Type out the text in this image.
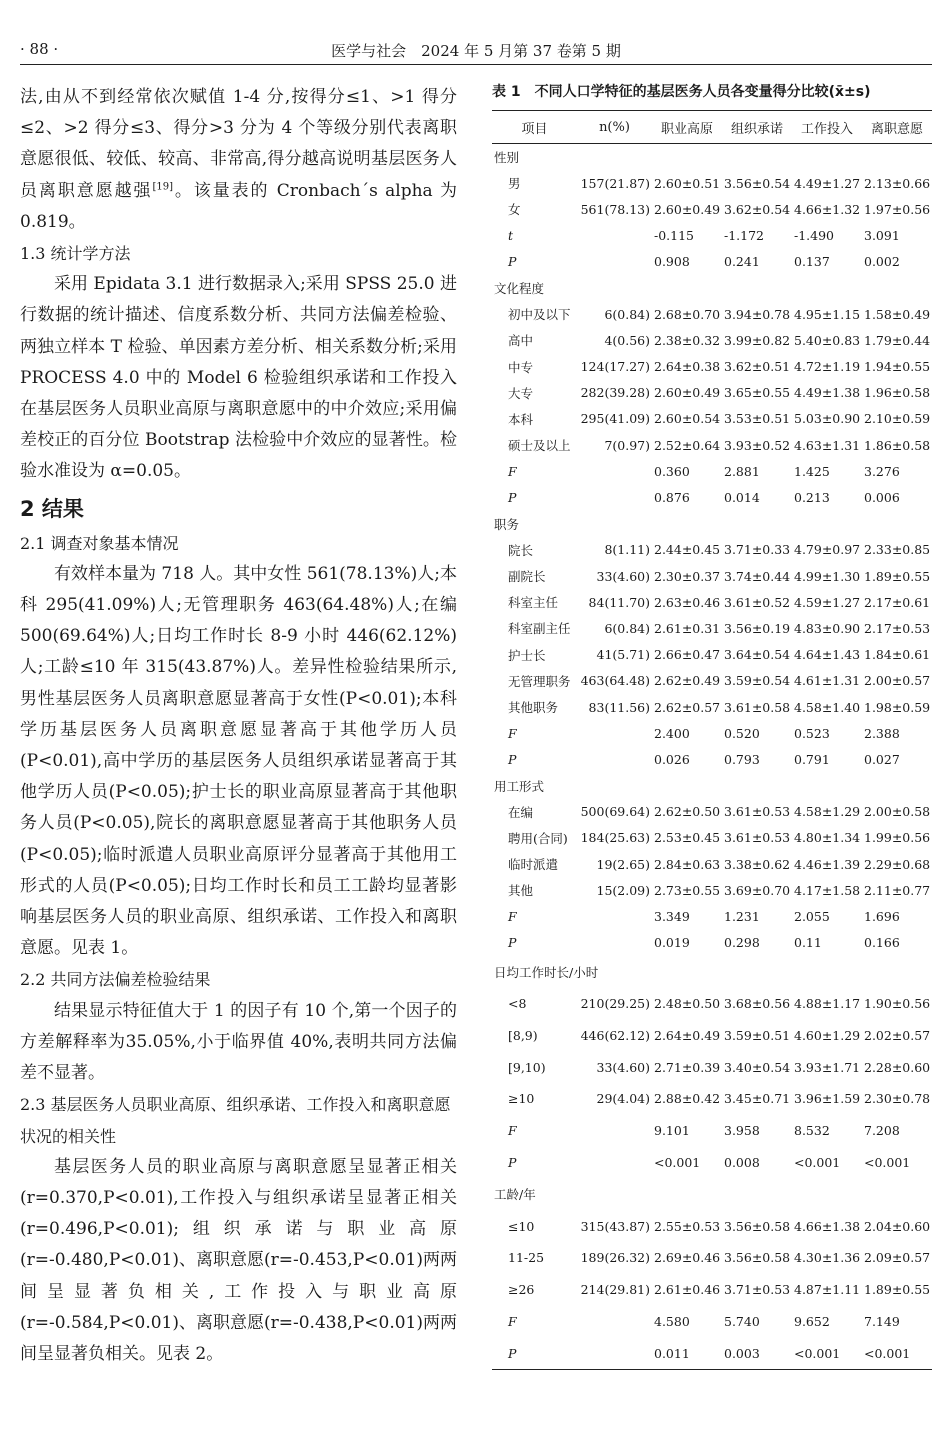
· 88 ·	医学与社会　2024 年 5 月第 37 卷第 5 期

法,由从不到经常依次赋值 1-4 分,按得分≤1、>1 得分≤2、>2 得分≤3、得分>3 分为 4 个等级分别代表离职意愿很低、较低、较高、非常高,得分越高说明基层医务人员离职意愿越强[19]。该量表的 Cronbach´s alpha 为 0.819。

1.3 统计学方法

采用 Epidata 3.1 进行数据录入;采用 SPSS 25.0 进行数据的统计描述、信度系数分析、共同方法偏差检验、两独立样本 T 检验、单因素方差分析、相关系数分析;采用 PROCESS 4.0 中的 Model 6 检验组织承诺和工作投入在基层医务人员职业高原与离职意愿中的中介效应;采用偏差校正的百分位 Bootstrap 法检验中介效应的显著性。检验水准设为 α=0.05。

2 结果
2.1 调查对象基本情况

有效样本量为 718 人。其中女性 561(78.13%)人;本科 295(41.09%)人;无管理职务 463(64.48%)人;在编 500(69.64%)人;日均工作时长 8-9 小时 446(62.12%)人;工龄≤10 年 315(43.87%)人。差异性检验结果所示,男性基层医务人员离职意愿显著高于女性(P<0.01);本科学历基层医务人员离职意愿显著高于其他学历人员(P<0.01),高中学历的基层医务人员组织承诺显著高于其他学历人员(P<0.05);护士长的职业高原显著高于其他职务人员(P<0.05),院长的离职意愿显著高于其他职务人员(P<0.05);临时派遣人员职业高原评分显著高于其他用工形式的人员(P<0.05);日均工作时长和员工工龄均显著影响基层医务人员的职业高原、组织承诺、工作投入和离职意愿。见表 1。

2.2 共同方法偏差检验结果

结果显示特征值大于 1 的因子有 10 个,第一个因子的方差解释率为35.05%,小于临界值 40%,表明共同方法偏差不显著。

2.3 基层医务人员职业高原、组织承诺、工作投入和离职意愿状况的相关性

基层医务人员的职业高原与离职意愿呈显著正相关(r=0.370,P<0.01),工作投入与组织承诺呈显著正相关(r=0.496,P<0.01);组织承诺与职业高原(r=-0.480,P<0.01)、离职意愿(r=-0.453,P<0.01)两两间呈显著负相关,工作投入与职业高原(r=-0.584,P<0.01)、离职意愿(r=-0.438,P<0.01)两两间呈显著负相关。见表 2。

表 1　不同人口学特征的基层医务人员各变量得分比较(x̄±s)
项目	n(%)	职业高原	组织承诺	工作投入	离职意愿
性别					
男	157(21.87)	2.60±0.51	3.56±0.54	4.49±1.27	2.13±0.66
女	561(78.13)	2.60±0.49	3.62±0.54	4.66±1.32	1.97±0.56
t		-0.115	-1.172	-1.490	3.091
P		0.908	0.241	0.137	0.002
文化程度					
初中及以下	6(0.84)	2.68±0.70	3.94±0.78	4.95±1.15	1.58±0.49
高中	4(0.56)	2.38±0.32	3.99±0.82	5.40±0.83	1.79±0.44
中专	124(17.27)	2.64±0.38	3.62±0.51	4.72±1.19	1.94±0.55
大专	282(39.28)	2.60±0.49	3.65±0.55	4.49±1.38	1.96±0.58
本科	295(41.09)	2.60±0.54	3.53±0.51	5.03±0.90	2.10±0.59
硕士及以上	7(0.97)	2.52±0.64	3.93±0.52	4.63±1.31	1.86±0.58
F		0.360	2.881	1.425	3.276
P		0.876	0.014	0.213	0.006
职务					
院长	8(1.11)	2.44±0.45	3.71±0.33	4.79±0.97	2.33±0.85
副院长	33(4.60)	2.30±0.37	3.74±0.44	4.99±1.30	1.89±0.55
科室主任	84(11.70)	2.63±0.46	3.61±0.52	4.59±1.27	2.17±0.61
科室副主任	6(0.84)	2.61±0.31	3.56±0.19	4.83±0.90	2.17±0.53
护士长	41(5.71)	2.66±0.47	3.64±0.54	4.64±1.43	1.84±0.61
无管理职务	463(64.48)	2.62±0.49	3.59±0.54	4.61±1.31	2.00±0.57
其他职务	83(11.56)	2.62±0.57	3.61±0.58	4.58±1.40	1.98±0.59
F		2.400	0.520	0.523	2.388
P		0.026	0.793	0.791	0.027
用工形式					
在编	500(69.64)	2.62±0.50	3.61±0.53	4.58±1.29	2.00±0.58
聘用(合同)	184(25.63)	2.53±0.45	3.61±0.53	4.80±1.34	1.99±0.56
临时派遣	19(2.65)	2.84±0.63	3.38±0.62	4.46±1.39	2.29±0.68
其他	15(2.09)	2.73±0.55	3.69±0.70	4.17±1.58	2.11±0.77
F		3.349	1.231	2.055	1.696
P		0.019	0.298	0.11	0.166
日均工作时长/小时					
<8	210(29.25)	2.48±0.50	3.68±0.56	4.88±1.17	1.90±0.56
[8,9)	446(62.12)	2.64±0.49	3.59±0.51	4.60±1.29	2.02±0.57
[9,10)	33(4.60)	2.71±0.39	3.40±0.54	3.93±1.71	2.28±0.60
≥10	29(4.04)	2.88±0.42	3.45±0.71	3.96±1.59	2.30±0.78
F		9.101	3.958	8.532	7.208
P		<0.001	0.008	<0.001	<0.001
工龄/年					
≤10	315(43.87)	2.55±0.53	3.56±0.58	4.66±1.38	2.04±0.60
11-25	189(26.32)	2.69±0.46	3.56±0.58	4.30±1.36	2.09±0.57
≥26	214(29.81)	2.61±0.46	3.71±0.53	4.87±1.11	1.89±0.55
F		4.580	5.740	9.652	7.149
P		0.011	0.003	<0.001	<0.001
